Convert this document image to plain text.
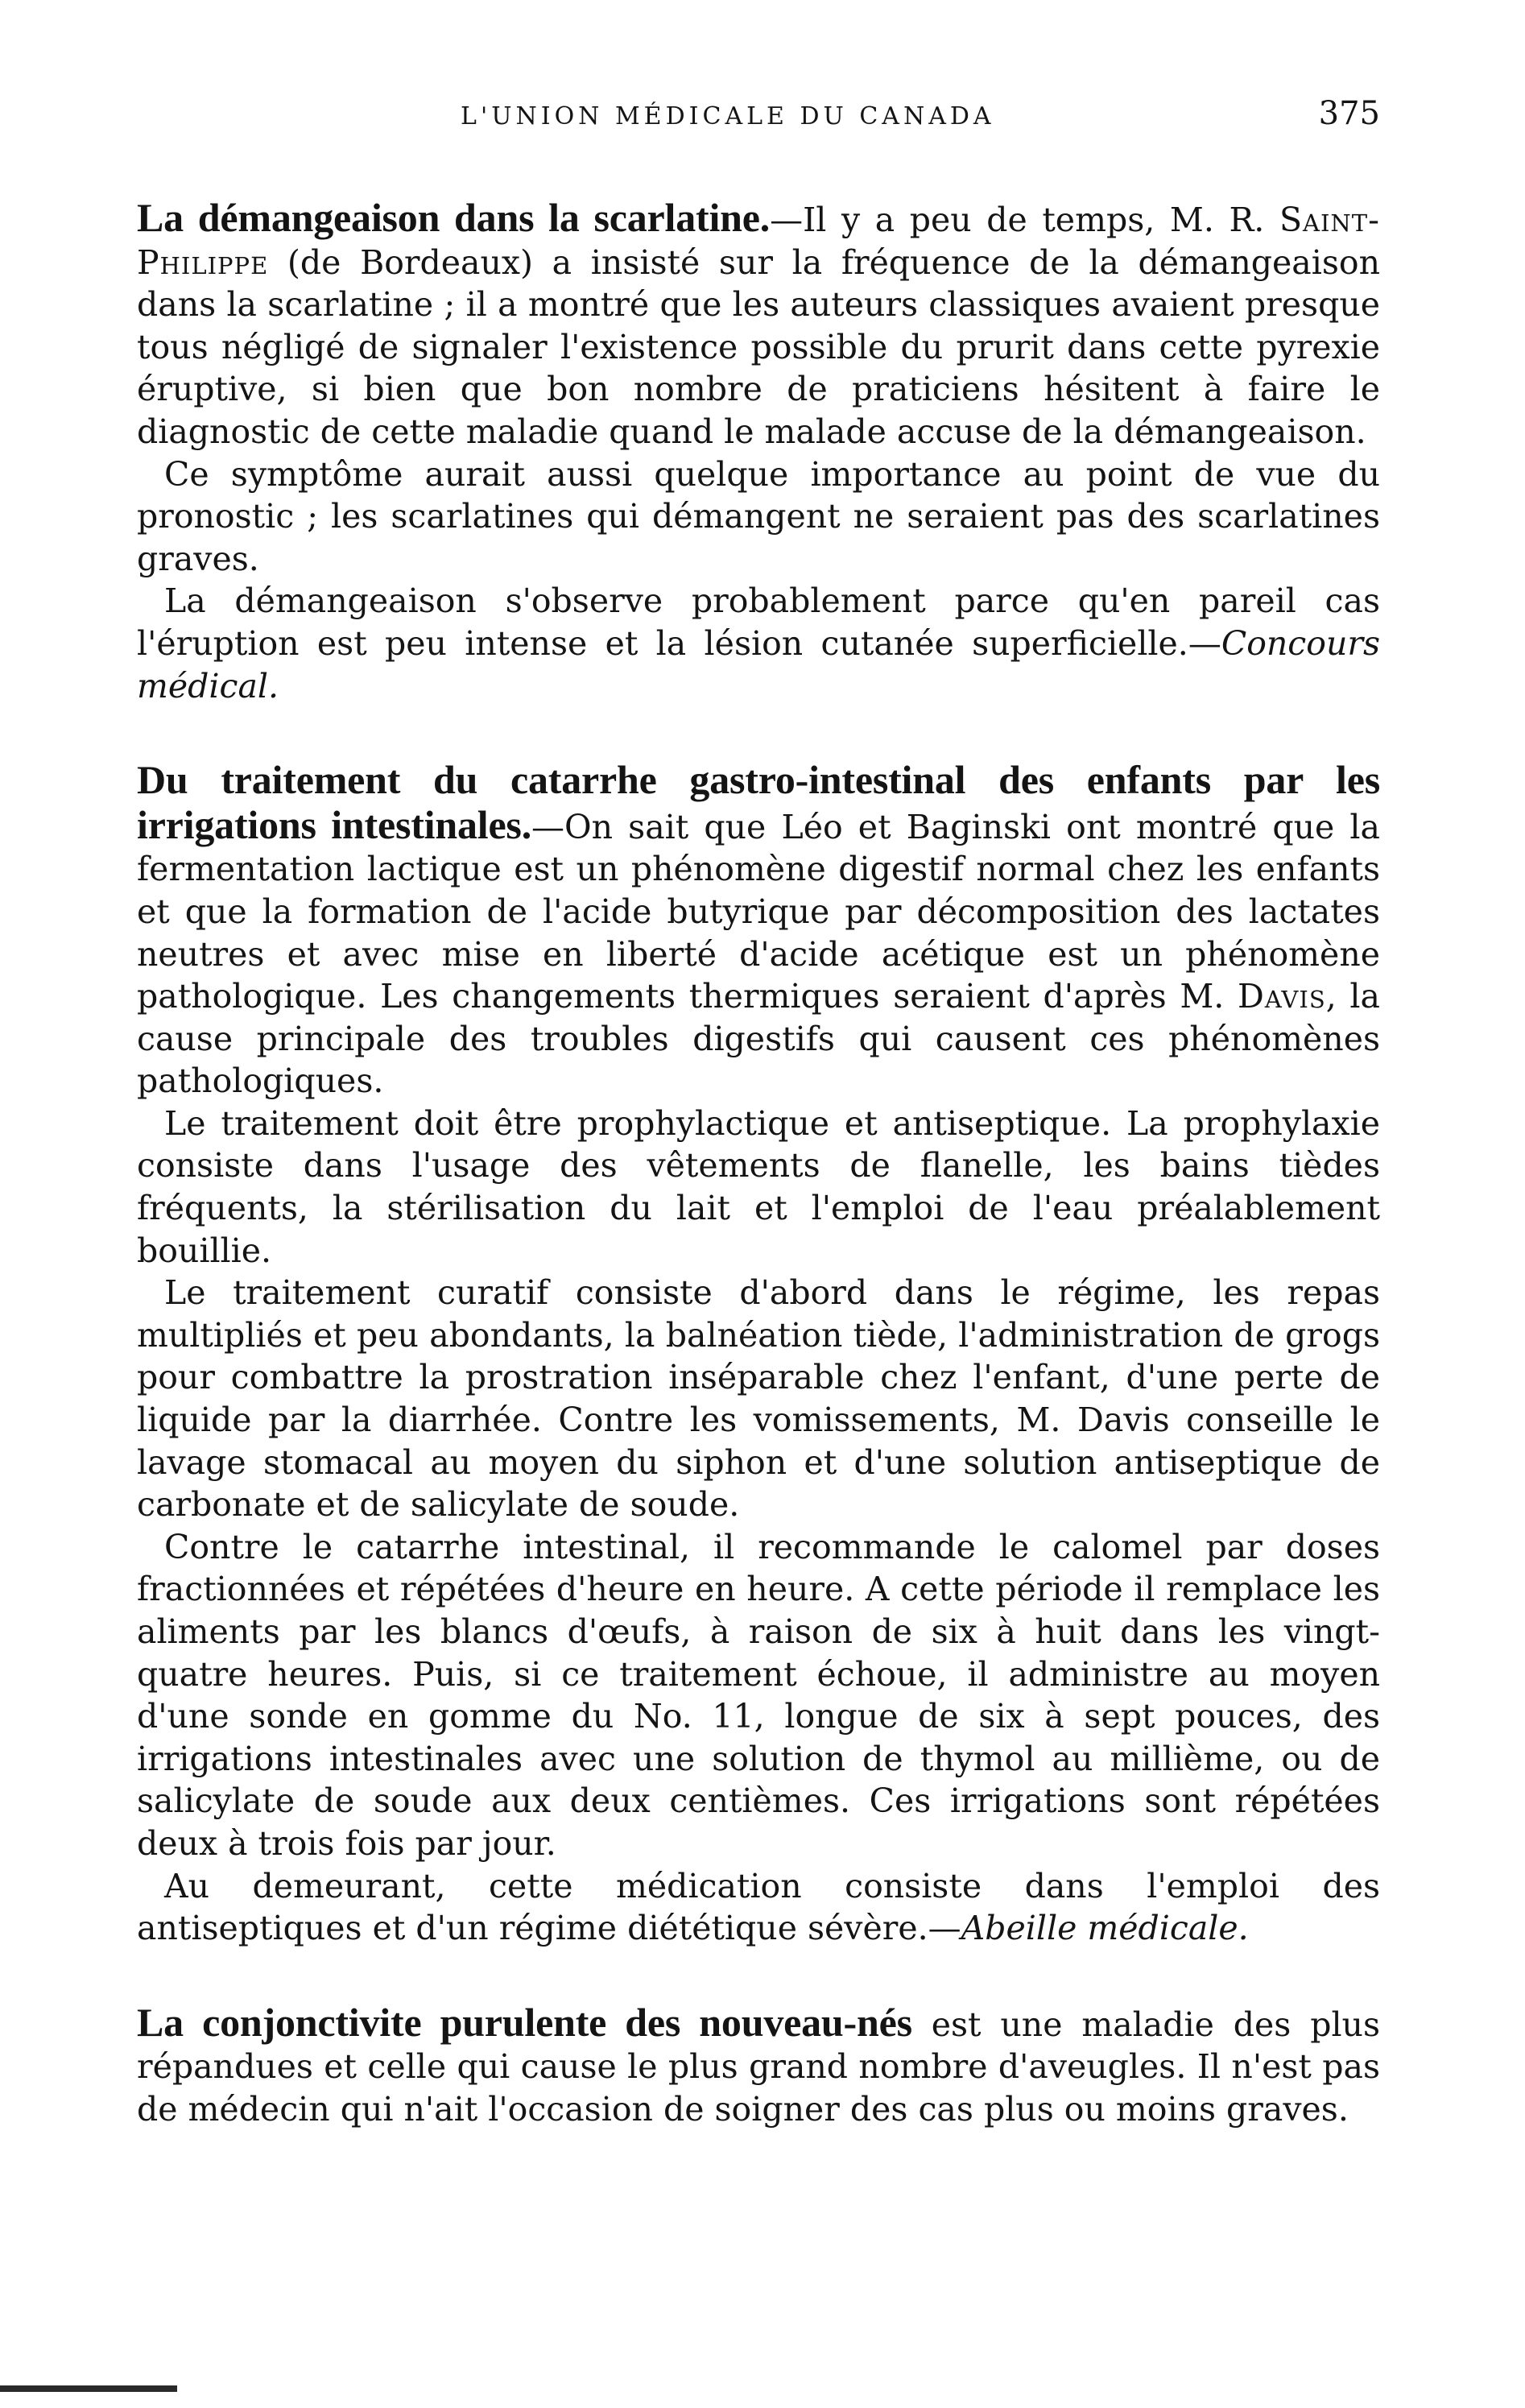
L'UNION MÉDICALE DU CANADA	375

La démangeaison dans la scarlatine.—Il y a peu de temps, M. R. Saint-Philippe (de Bordeaux) a insisté sur la fréquence de la démangeaison dans la scarlatine ; il a montré que les auteurs classiques avaient presque tous négligé de signaler l'existence possible du prurit dans cette pyrexie éruptive, si bien que bon nombre de praticiens hésitent à faire le diagnostic de cette maladie quand le malade accuse de la démangeaison.

Ce symptôme aurait aussi quelque importance au point de vue du pronostic ; les scarlatines qui démangent ne seraient pas des scarlatines graves.

La démangeaison s'observe probablement parce qu'en pareil cas l'éruption est peu intense et la lésion cutanée superficielle.—Concours médical.

Du traitement du catarrhe gastro-intestinal des enfants par les irrigations intestinales.—On sait que Léo et Baginski ont montré que la fermentation lactique est un phénomène digestif normal chez les enfants et que la formation de l'acide butyrique par décomposition des lactates neutres et avec mise en liberté d'acide acétique est un phénomène pathologique. Les changements thermiques seraient d'après M. Davis, la cause principale des troubles digestifs qui causent ces phénomènes pathologiques.

Le traitement doit être prophylactique et antiseptique. La prophylaxie consiste dans l'usage des vêtements de flanelle, les bains tièdes fréquents, la stérilisation du lait et l'emploi de l'eau préalablement bouillie.

Le traitement curatif consiste d'abord dans le régime, les repas multipliés et peu abondants, la balnéation tiède, l'administration de grogs pour combattre la prostration inséparable chez l'enfant, d'une perte de liquide par la diarrhée. Contre les vomissements, M. Davis conseille le lavage stomacal au moyen du siphon et d'une solution antiseptique de carbonate et de salicylate de soude.

Contre le catarrhe intestinal, il recommande le calomel par doses fractionnées et répétées d'heure en heure. A cette période il remplace les aliments par les blancs d'œufs, à raison de six à huit dans les vingt-quatre heures. Puis, si ce traitement échoue, il administre au moyen d'une sonde en gomme du No. 11, longue de six à sept pouces, des irrigations intestinales avec une solution de thymol au millième, ou de salicylate de soude aux deux centièmes. Ces irrigations sont répétées deux à trois fois par jour.

Au demeurant, cette médication consiste dans l'emploi des antiseptiques et d'un régime diététique sévère.—Abeille médicale.

La conjonctivite purulente des nouveau-nés est une maladie des plus répandues et celle qui cause le plus grand nombre d'aveugles. Il n'est pas de médecin qui n'ait l'occasion de soigner des cas plus ou moins graves.
